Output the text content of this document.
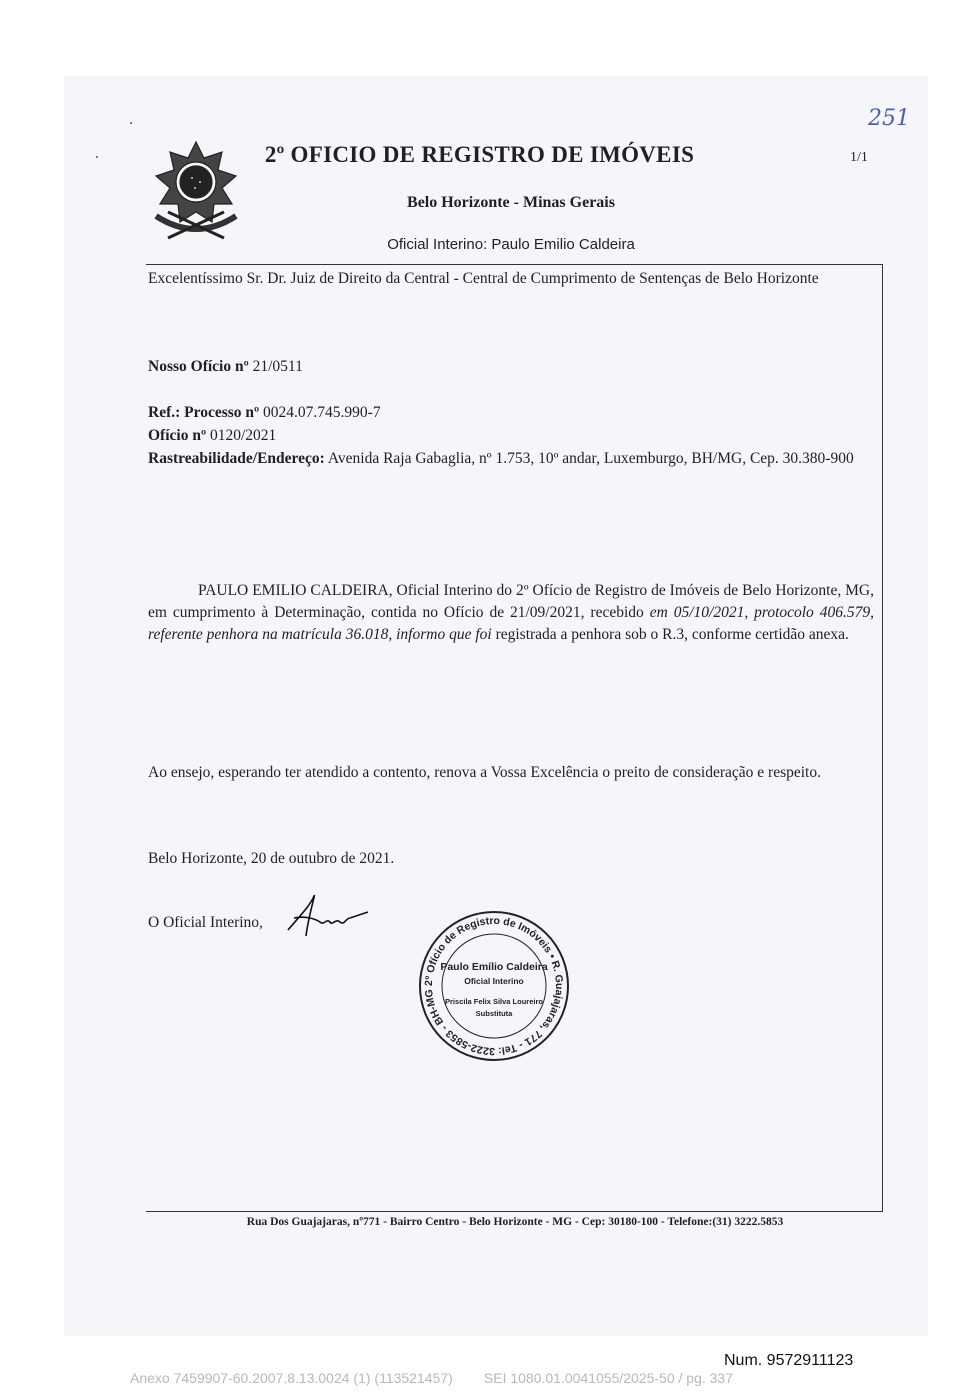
251
1/1
2º OFICIO DE REGISTRO DE IMÓVEIS
Belo Horizonte - Minas Gerais
Oficial Interino: Paulo Emilio Caldeira
Excelentíssimo Sr. Dr. Juiz de Direito da Central - Central de Cumprimento de Sentenças de Belo Horizonte
Nosso Ofício nº 21/0511
Ref.: Processo nº 0024.07.745.990-7
Ofício nº 0120/2021
Rastreabilidade/Endereço: Avenida Raja Gabaglia, nº 1.753, 10º andar, Luxemburgo, BH/MG, Cep. 30.380-900
PAULO EMILIO CALDEIRA, Oficial Interino do 2º Ofício de Registro de Imóveis de Belo Horizonte, MG, em cumprimento à Determinação, contida no Ofício de 21/09/2021, recebido em 05/10/2021, protocolo 406.579, referente penhora na matrícula 36.018, informo que foi registrada a penhora sob o R.3, conforme certidão anexa.
Ao ensejo, esperando ter atendido a contento, renova a Vossa Excelência o preito de consideração e respeito.
Belo Horizonte, 20 de outubro de 2021.
O Oficial Interino,
2º Ofício de Registro de Imóveis • R. Guajajaras, 771 - Tel: 3222-5853 - BH-MG
Paulo Emílio Caldeira
Oficial Interino
Priscila Felix Silva Loureiro
Substituta
Rua Dos Guajajaras, nº771 - Bairro Centro - Belo Horizonte - MG - Cep: 30180-100 - Telefone:(31) 3222.5853
Num. 9572911123
Anexo 7459907-60.2007.8.13.0024 (1) (113521457)        SEI 1080.01.0041055/2025-50 / pg. 337
